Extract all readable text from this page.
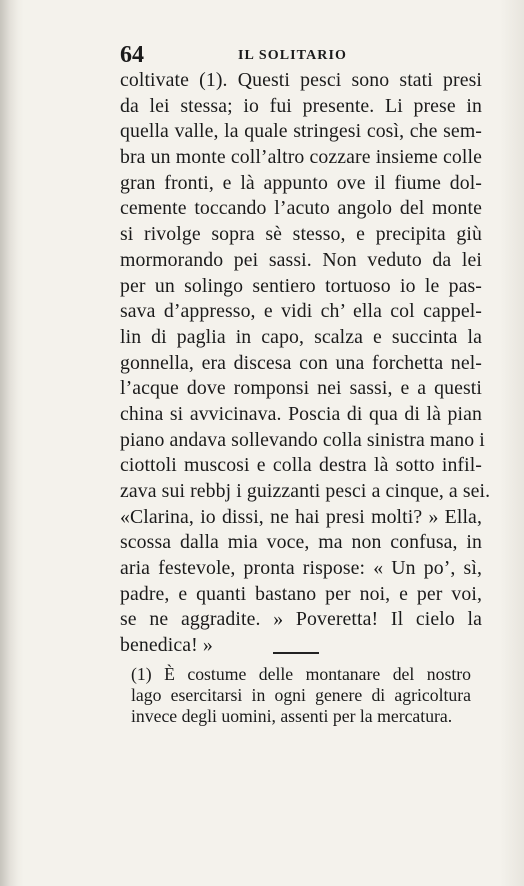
64	IL SOLITARIO
coltivate (1). Questi pesci sono stati presi
da lei stessa; io fui presente. Li prese in
quella valle, la quale stringesi così, che sem-
bra un monte coll’altro cozzare insieme colle
gran fronti, e là appunto ove il fiume dol-
cemente toccando l’acuto angolo del monte
si rivolge sopra sè stesso, e precipita giù
mormorando pei sassi. Non veduto da lei
per un solingo sentiero tortuoso io le pas-
sava d’appresso, e vidi ch’ ella col cappel-
lin di paglia in capo, scalza e succinta la
gonnella, era discesa con una forchetta nel-
l’acque dove romponsi nei sassi, e a questi
china si avvicinava. Poscia di qua di là pian
piano andava sollevando colla sinistra mano i
ciottoli muscosi e colla destra là sotto infil-
zava sui rebbj i guizzanti pesci a cinque, a sei.
«Clarina, io dissi, ne hai presi molti? » Ella,
scossa dalla mia voce, ma non confusa, in
aria festevole, pronta rispose: « Un po’, sì,
padre, e quanti bastano per noi, e per voi,
se ne aggradite. » Poveretta! Il cielo la
benedica! »
(1) È costume delle montanare del nostro
lago esercitarsi in ogni genere di agricoltura
invece degli uomini, assenti per la mercatura.
